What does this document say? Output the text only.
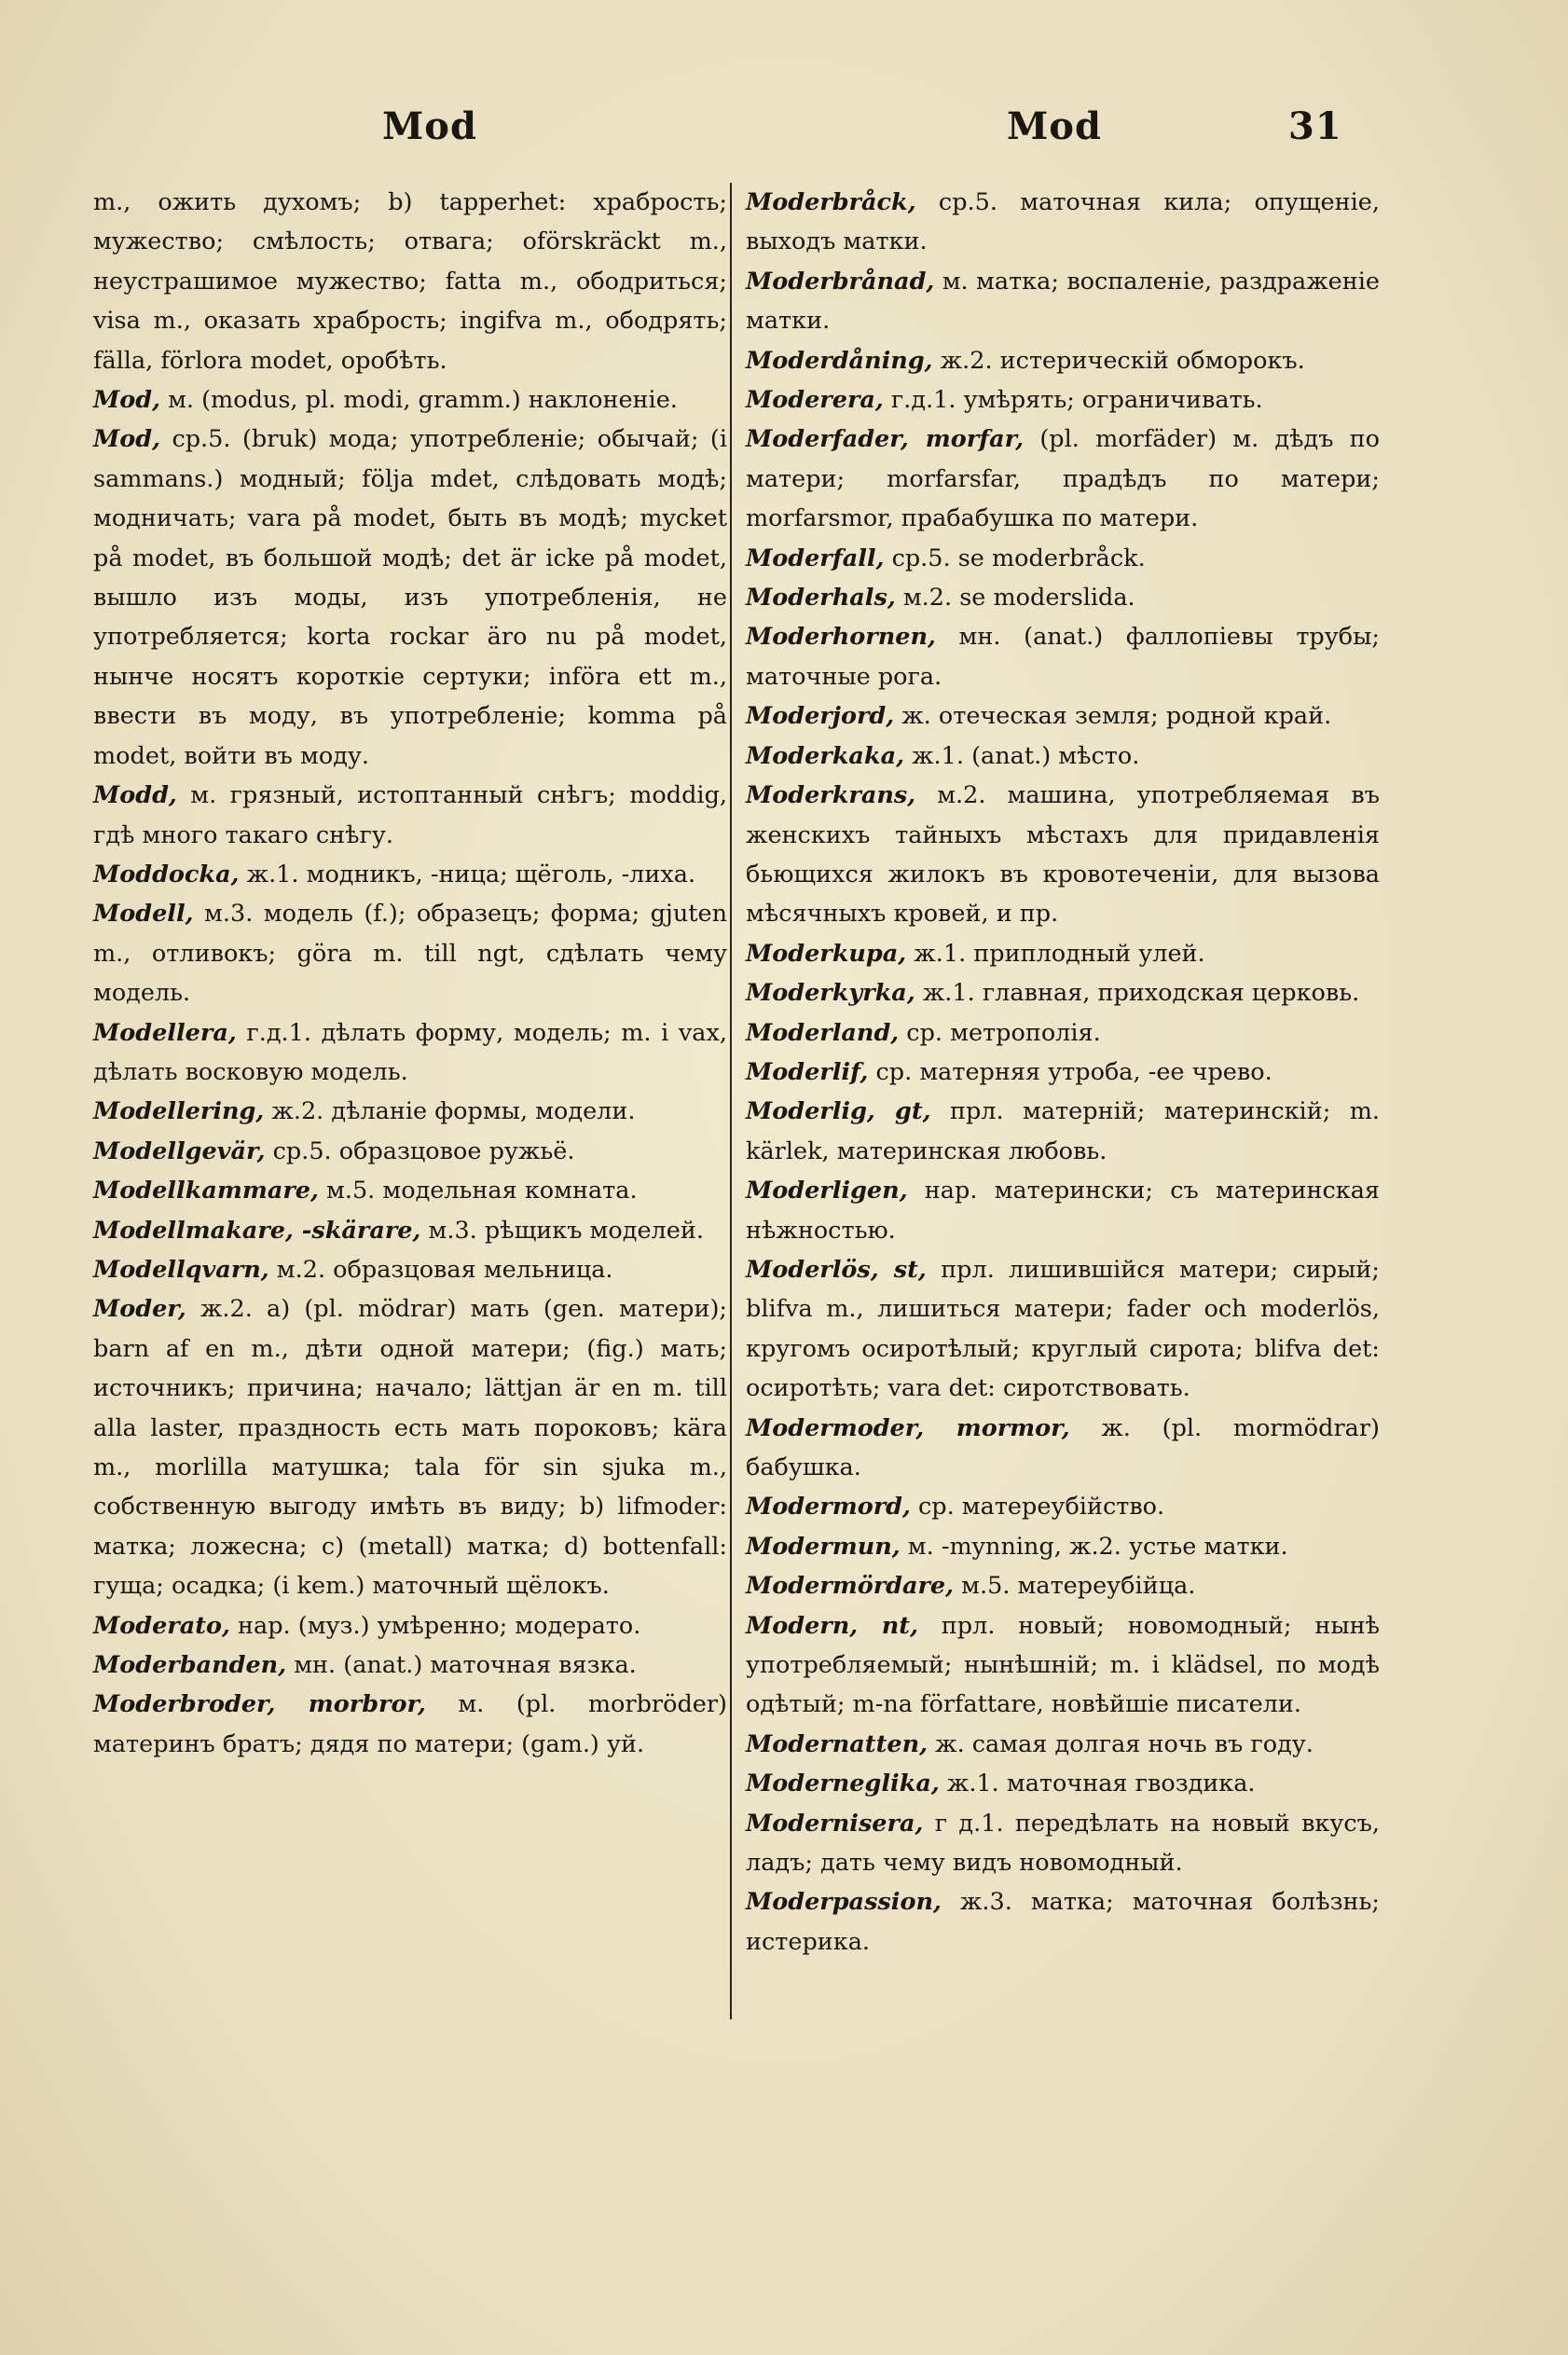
Mod	Mod	31

m., ожить духомъ; b) tapperhet: храбрость; мужество; смѣлость; отвага; oförskräckt m., неустрашимое мужество; fatta m., ободриться; visa m., оказать храбрость; ingifva m., ободрять; fälla, förlora modet, оробѣть.

Mod, м. (modus, pl. modi, gramm.) наклоненіе.

Mod, ср.5. (bruk) мода; употребленіе; обычай; (i sammans.) модный; följa mdet, слѣдовать модѣ; модничать; vara på modet, быть въ модѣ; mycket på modet, въ большой модѣ; det är icke på modet, вышло изъ моды, изъ употребленія, не употребляется; korta rockar äro nu på modet, нынче носятъ короткіе сертуки; införa ett m., ввести въ моду, въ употребленіе; komma på modet, войти въ моду.

Modd, м. грязный, истоптанный снѣгъ; moddig, гдѣ много такаго снѣгу.

Moddocka, ж.1. модникъ, -ница; щёголь, -лиха.

Modell, м.3. модель (f.); образецъ; форма; gjuten m., отливокъ; göra m. till ngt, сдѣлать чему модель.

Modellera, г.д.1. дѣлать форму, модель; m. i vax, дѣлать восковую модель.

Modellering, ж.2. дѣланіе формы, модели.

Modellgevär, ср.5. образцовое ружьё.

Modellkammare, м.5. модельная комната.

Modellmakare, -skärare, м.3. рѣщикъ моделей.

Modellqvarn, м.2. образцовая мельница.

Moder, ж.2. a) (pl. mödrar) мать (gen. матери); barn af en m., дѣти одной матери; (fig.) мать; источникъ; причина; начало; lättjan är en m. till alla laster, праздность есть мать пороковъ; kära m., morlilla матушка; tala för sin sjuka m., собственную выгоду имѣть въ виду; b) lifmoder: матка; ложесна; c) (metall) матка; d) bottenfall: гуща; осадка; (i kem.) маточный щёлокъ.

Moderato, нар. (муз.) умѣренно; модерато.

Moderbanden, мн. (anat.) маточная вязка.

Moderbroder, morbror, м. (pl. morbröder) материнъ братъ; дядя по матери; (gam.) уй.

Moderbråck, ср.5. маточная кила; опущеніе, выходъ матки.

Moderbrånad, м. матка; воспаленіе, раздраженіе матки.

Moderdåning, ж.2. истерическій обморокъ.

Moderera, г.д.1. умѣрять; ограничивать.

Moderfader, morfar, (pl. morfäder) м. дѣдъ по матери; morfarsfar, прадѣдъ по матери; morfarsmor, прабабушка по матери.

Moderfall, ср.5. se moderbråck.

Moderhals, м.2. se moderslida.

Moderhornen, мн. (anat.) фаллопіевы трубы; маточные рога.

Moderjord, ж. отеческая земля; родной край.

Moderkaka, ж.1. (anat.) мѣсто.

Moderkrans, м.2. машина, употребляемая въ женскихъ тайныхъ мѣстахъ для придавленія бьющихся жилокъ въ кровотеченіи, для вызова мѣсячныхъ кровей, и пр.

Moderkupa, ж.1. приплодный улей.

Moderkyrka, ж.1. главная, приходская церковь.

Moderland, ср. метрополія.

Moderlif, ср. матерняя утроба, -ее чрево.

Moderlig, gt, прл. матерній; материнскій; m. kärlek, материнская любовь.

Moderligen, нар. матерински; съ материнская нѣжностью.

Moderlös, st, прл. лишившійся матери; сирый; blifva m., лишиться матери; fader och moderlös, кругомъ осиротѣлый; круглый сирота; blifva det: осиротѣть; vara det: сиротствовать.

Modermoder, mormor, ж. (pl. mormödrar) бабушка.

Modermord, ср. матереубійство.

Modermun, м. -mynning, ж.2. устье матки.

Modermördare, м.5. матереубійца.

Modern, nt, прл. новый; новомодный; нынѣ употребляемый; нынѣшній; m. i klädsel, по модѣ одѣтый; m-na författare, новѣйшіе писатели.

Modernatten, ж. самая долгая ночь въ году.

Moderneglika, ж.1. маточная гвоздика.

Modernisera, г д.1. передѣлать на новый вкусъ, ладъ; дать чему видъ новомодный.

Moderpassion, ж.3. матка; маточная болѣзнь; истерика.
